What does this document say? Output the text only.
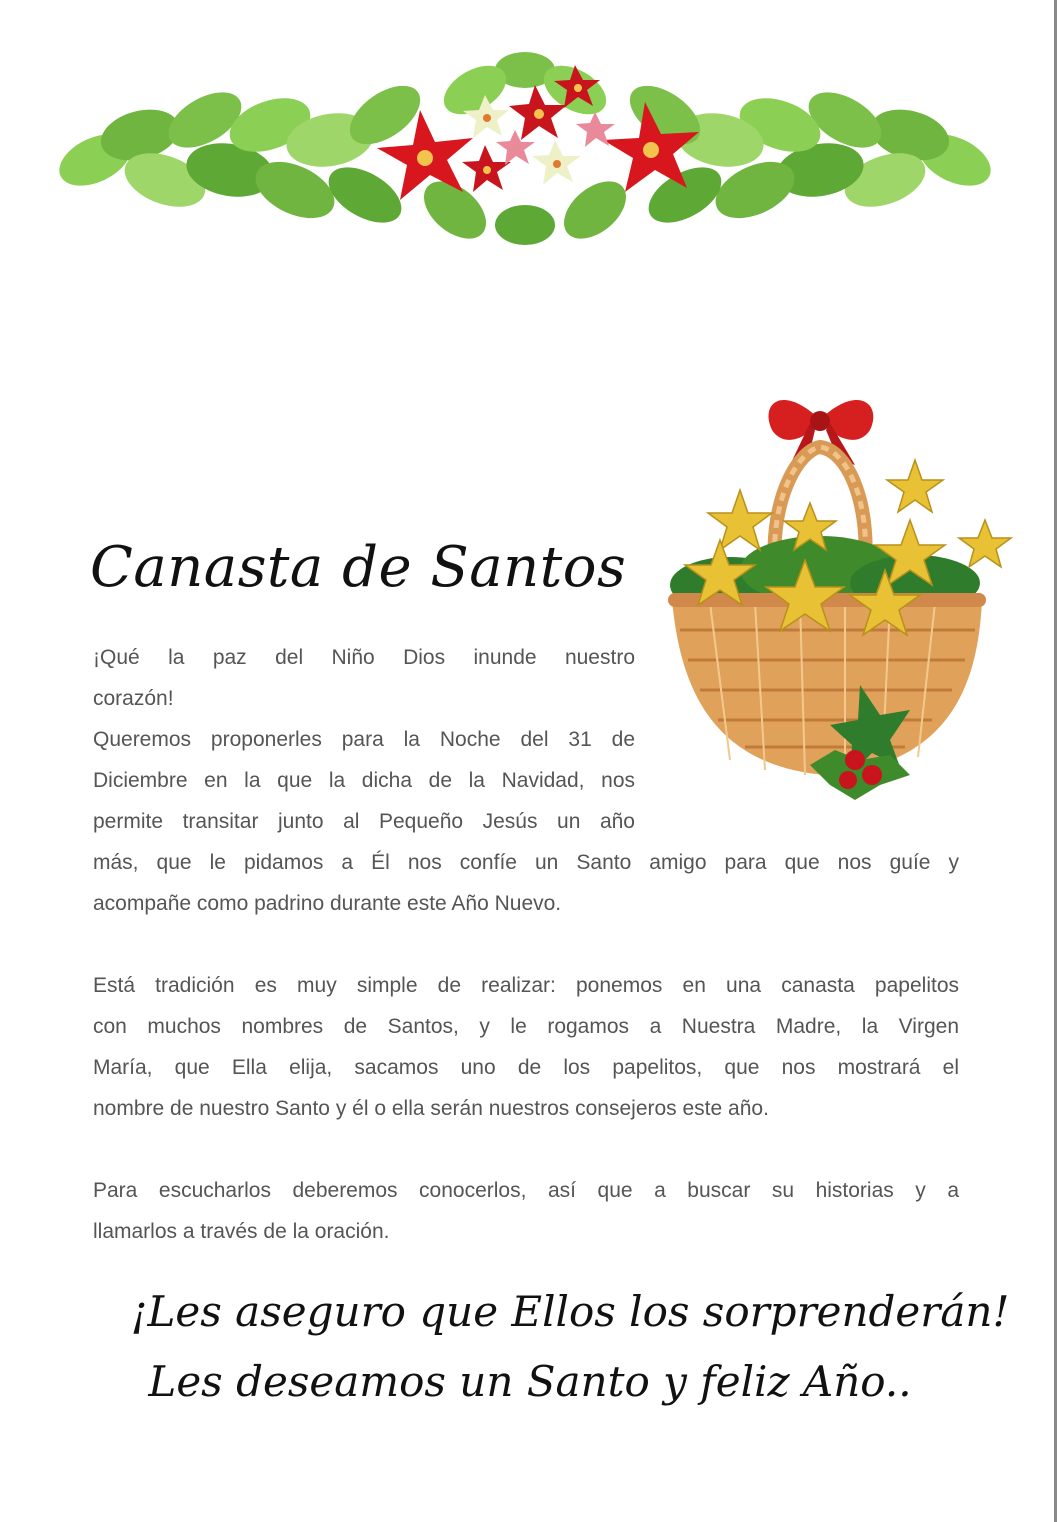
Canasta de Santos
¡Qué la paz del Niño Dios inunde nuestro
corazón!
Queremos proponerles para la Noche del 31 de
Diciembre en la que la dicha de la Navidad, nos
permite transitar junto al Pequeño Jesús un año
más, que le pidamos a Él nos confíe un Santo amigo para que nos guíe y
acompañe como padrino durante este Año Nuevo.
Está tradición es muy simple de realizar: ponemos en una canasta papelitos
con muchos nombres de Santos, y le rogamos a Nuestra Madre, la Virgen
María, que Ella elija, sacamos uno de los papelitos, que nos mostrará el
nombre de nuestro Santo y él o ella serán nuestros consejeros este año.
Para escucharlos deberemos conocerlos, así que a buscar su historias y a
llamarlos a través de la oración.
¡Les aseguro que Ellos los sorprenderán!
Les deseamos un Santo y feliz Año..
